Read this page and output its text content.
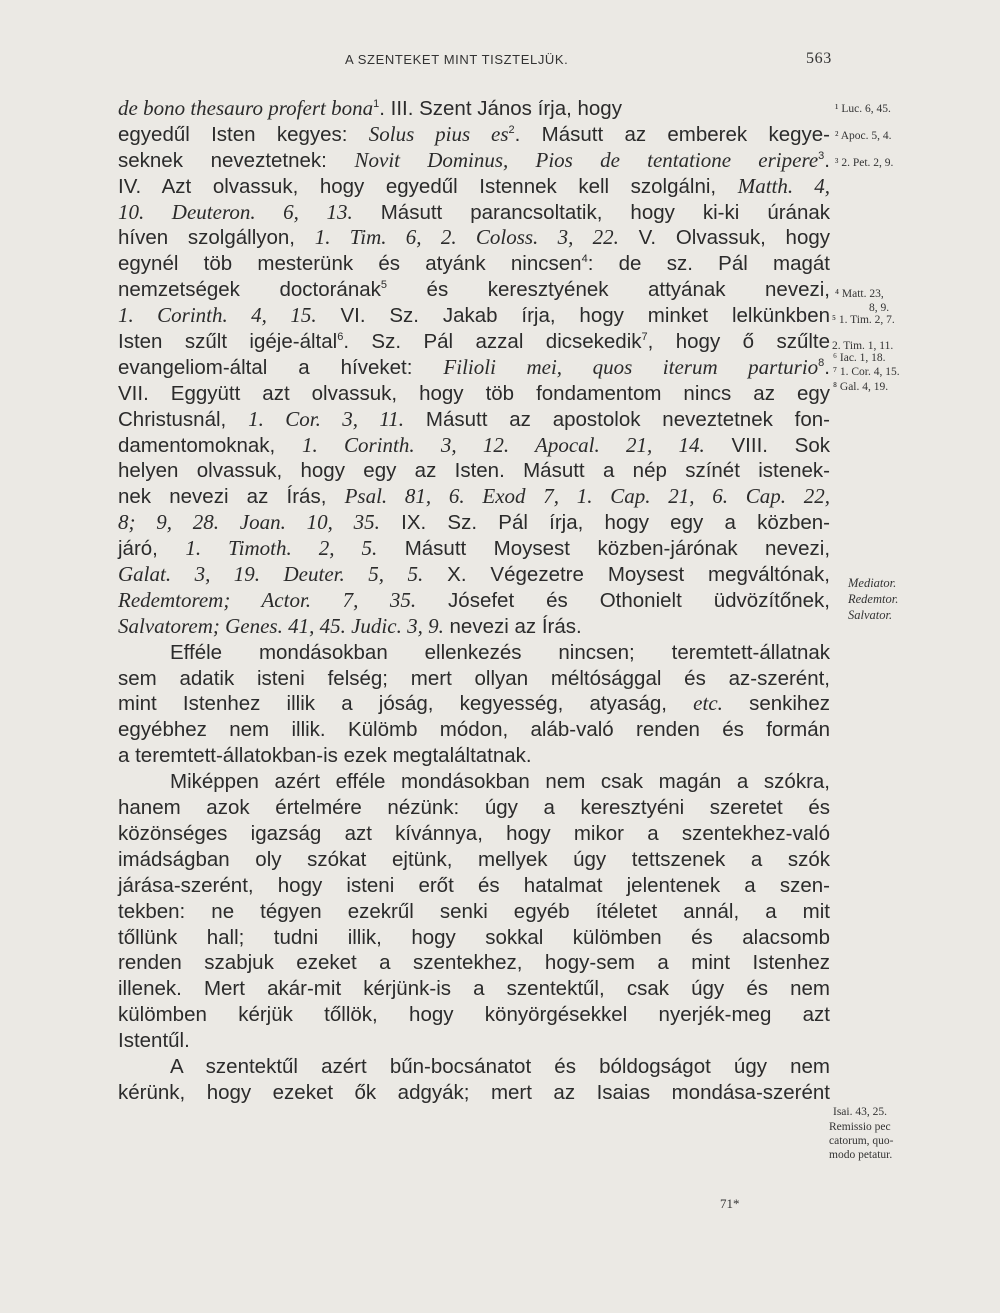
A SZENTEKET MINT TISZTELJÜK.	563
de bono thesauro profert bona$^1$. III. Szent János írja, hogy
egyedűl Isten kegyes: Solus pius $es^2$. Másutt az emberek kegye-
seknek neveztetnek: Novit Dominus, Pios de tentatione eripere$^3$.
IV. Azt olvassuk, hogy egyedűl Istennek kell szolgálni, Matth. 4,
10. Deuteron. 6, 13. Másutt parancsoltatik, hogy ki-ki úrának
híven szolgállyon, 1. Tim. 6, 2. Coloss. 3, 22. V. Olvassuk, hogy
egynél töb mesterünk és atyánk nincsen$^4$: de sz. Pál magát
nemzetségek doctorának$^5$ és keresztyének attyának nevezi,
1. Corinth. 4, 15. VI. Sz. Jakab írja, hogy minket lelkünkben
Isten szűlt igéje-által$^6$. Sz. Pál azzal dicsekedik$^7$, hogy ő szűlte
evangeliom-által a híveket: Filioli mei, quos iterum parturio$^8$.
VII. Eggyütt azt olvassuk, hogy töb fondamentom nincs az egy
Christusnál, 1. Cor. 3, 11. Másutt az apostolok neveztetnek fon-
damentomoknak, 1. Corinth. 3, 12. Apocal. 21, 14. VIII. Sok
helyen olvassuk, hogy egy az Isten. Másutt a nép színét istenek-
nek nevezi az Írás, Psal. 81, 6. Exod 7, 1. Cap. 21, 6. Cap. 22,
8; 9, 28. Joan. 10, 35. IX. Sz. Pál írja, hogy egy a közben-
járó, 1. Timoth. 2, 5. Másutt Moysest közben-járónak nevezi,
Galat. 3, 19. Deuter. 5, 5. X. Végezetre Moysest megváltónak,
Redemtorem; Actor. 7, 35. Jósefet és Othonielt üdvözítőnek,
Salvatorem; Genes. 41, 45. Judic. 3, 9. nevezi az Írás.
Efféle mondásokban ellenkezés nincsen; teremtett-állatnak
sem adatik isteni felség; mert ollyan méltósággal és az-szerént,
mint Istenhez illik a jóság, kegyesség, atyaság, etc. senkihez
egyébhez nem illik. Külömb módon, aláb-való renden és formán
a teremtett-állatokban-is ezek megtaláltatnak.
Miképpen azért efféle mondásokban nem csak magán a szókra,
hanem azok értelmére nézünk: úgy a keresztyéni szeretet és
közönséges igazság azt kívánnya, hogy mikor a szentekhez-való
imádságban oly szókat ejtünk, mellyek úgy tettszenek a szók
járása-szerént, hogy isteni erőt és hatalmat jelentenek a szen-
tekben: ne tégyen ezekrűl senki egyéb ítéletet annál, a mit
tőllünk hall; tudni illik, hogy sokkal külömben és alacsomb
renden szabjuk ezeket a szentekhez, hogy-sem a mint Istenhez
illenek. Mert akár-mit kérjünk-is a szentektűl, csak úgy és nem
külömben kérjük tőllök, hogy könyörgésekkel nyerjék-meg azt
Istentűl.
A szentektűl azért bűn-bocsánatot és bóldogságot úgy nem
kérünk, hogy ezeket ők adgyák; mert az Isaias mondása-szerént
¹ Luc. 6, 45.
² Apoc. 5, 4.
³ 2. Pet. 2, 9.
⁴ Matt. 23,
8, 9.
⁵ 1. Tim. 2, 7.
2. Tim. 1, 11.
⁶ Iac. 1, 18.
⁷ 1. Cor. 4, 15.
⁸ Gal. 4, 19.
Mediator.
Redemtor.
Salvator.
Isai. 43, 25.
Remissio pec
catorum, quo-
modo petatur.
71*
